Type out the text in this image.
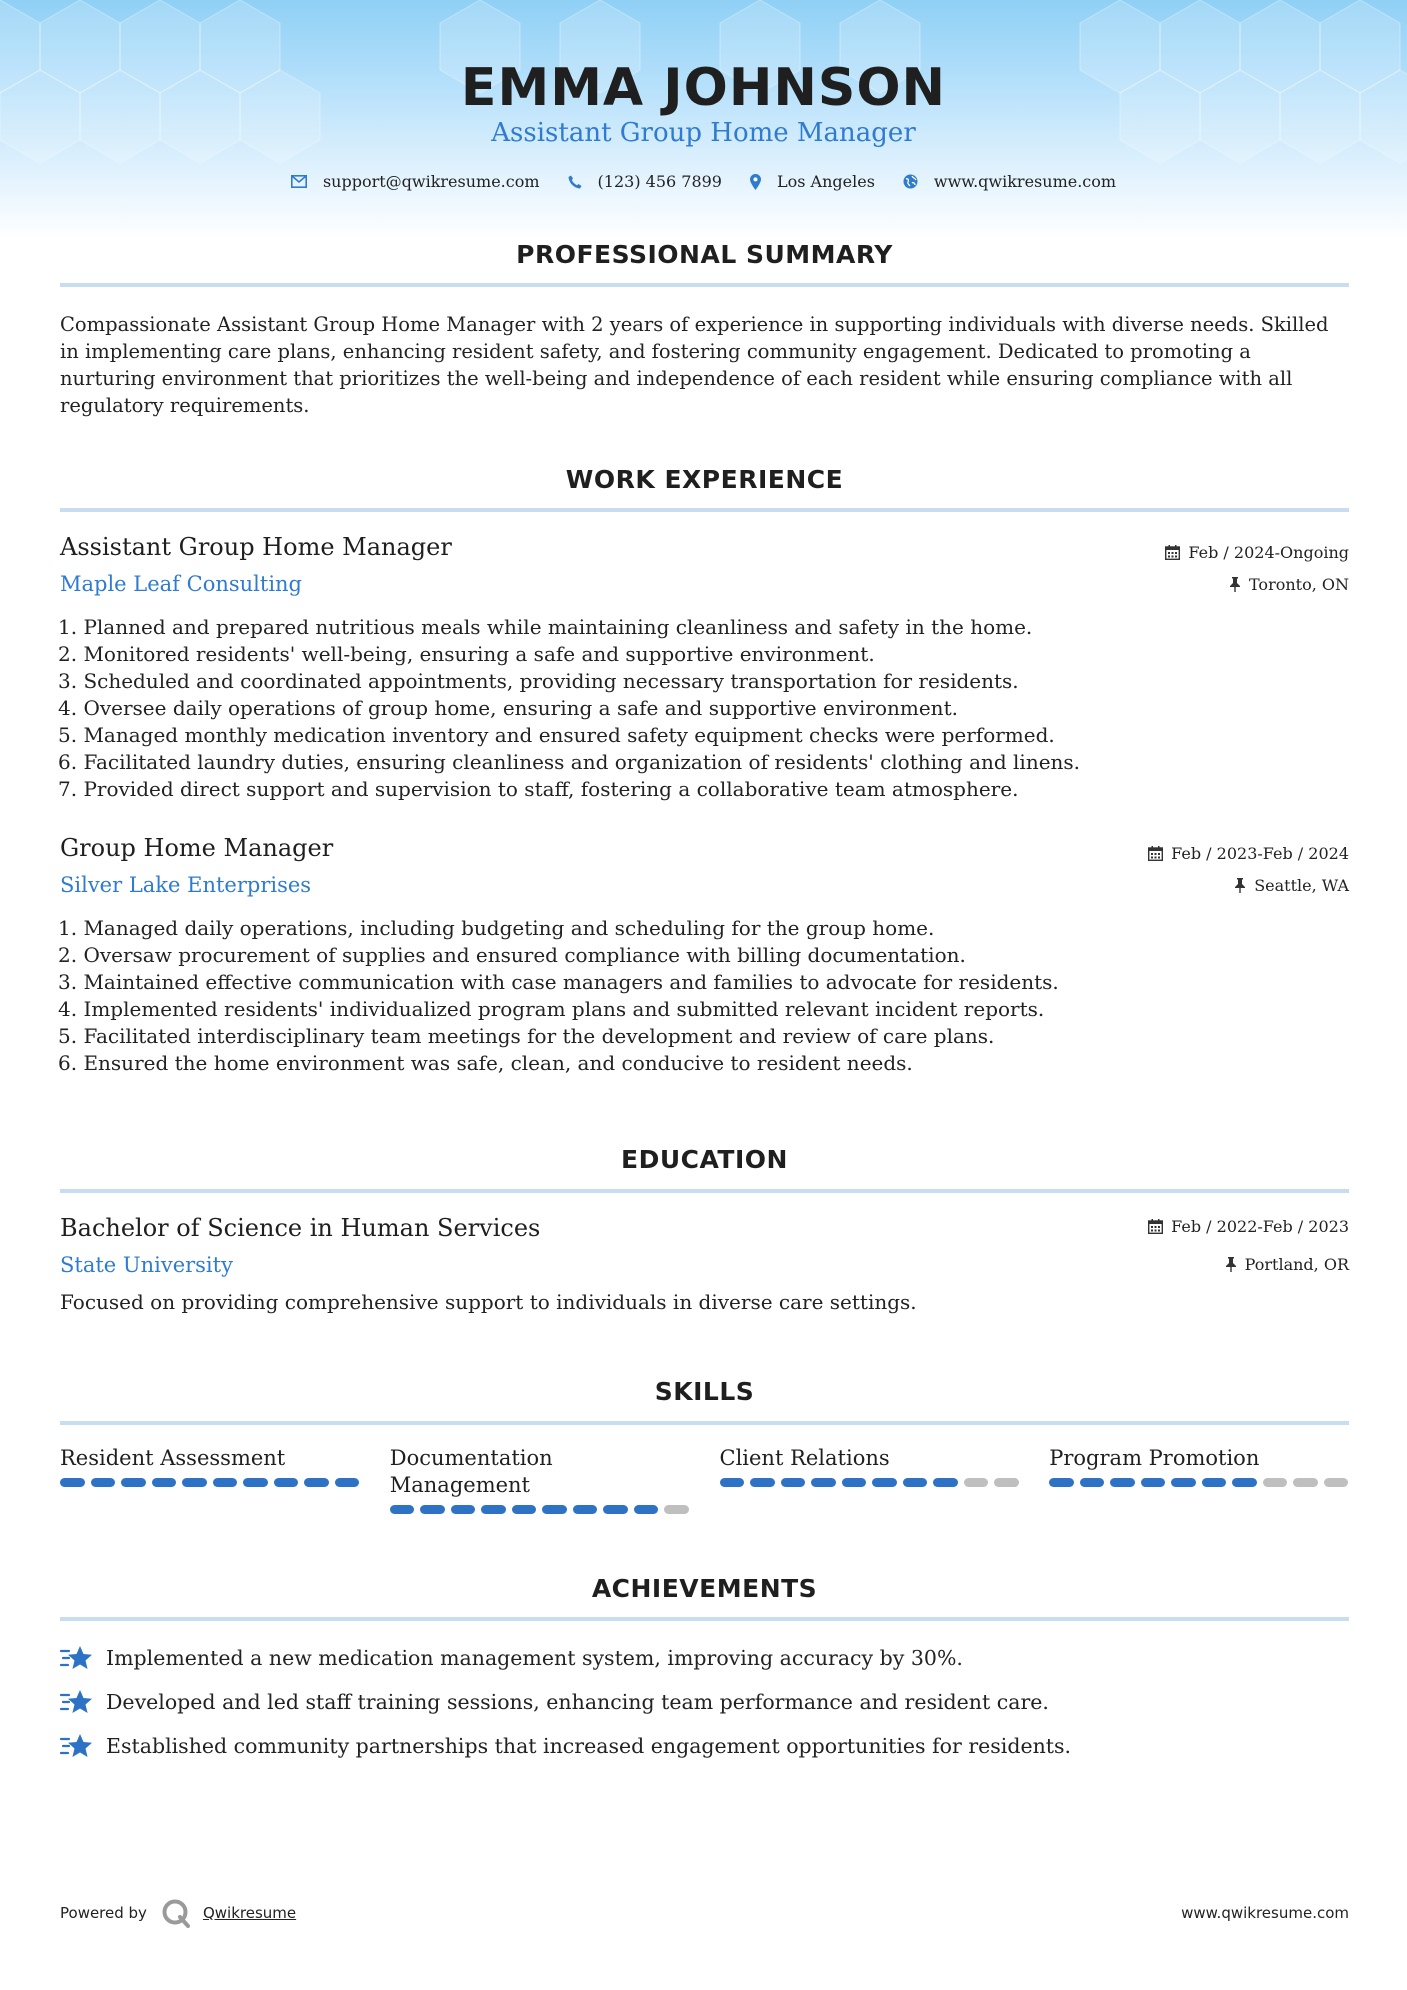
EMMA JOHNSON
Assistant Group Home Manager
support@qwikresume.com	(123) 456 7899	Los Angeles	www.qwikresume.com
PROFESSIONAL SUMMARY
Compassionate Assistant Group Home Manager with 2 years of experience in supporting individuals with diverse needs. Skilled in implementing care plans, enhancing resident safety, and fostering community engagement. Dedicated to promoting a nurturing environment that prioritizes the well-being and independence of each resident while ensuring compliance with all regulatory requirements.
WORK EXPERIENCE
Assistant Group Home Manager	Feb / 2024-Ongoing
Maple Leaf Consulting	Toronto, ON
1. Planned and prepared nutritious meals while maintaining cleanliness and safety in the home.
2. Monitored residents' well-being, ensuring a safe and supportive environment.
3. Scheduled and coordinated appointments, providing necessary transportation for residents.
4. Oversee daily operations of group home, ensuring a safe and supportive environment.
5. Managed monthly medication inventory and ensured safety equipment checks were performed.
6. Facilitated laundry duties, ensuring cleanliness and organization of residents' clothing and linens.
7. Provided direct support and supervision to staff, fostering a collaborative team atmosphere.
Group Home Manager	Feb / 2023-Feb / 2024
Silver Lake Enterprises	Seattle, WA
1. Managed daily operations, including budgeting and scheduling for the group home.
2. Oversaw procurement of supplies and ensured compliance with billing documentation.
3. Maintained effective communication with case managers and families to advocate for residents.
4. Implemented residents' individualized program plans and submitted relevant incident reports.
5. Facilitated interdisciplinary team meetings for the development and review of care plans.
6. Ensured the home environment was safe, clean, and conducive to resident needs.
EDUCATION
Bachelor of Science in Human Services	Feb / 2022-Feb / 2023
State University	Portland, OR
Focused on providing comprehensive support to individuals in diverse care settings.
SKILLS
Resident Assessment	Documentation Management
Client Relations	Program Promotion
ACHIEVEMENTS
Implemented a new medication management system, improving accuracy by 30%.
Developed and led staff training sessions, enhancing team performance and resident care.
Established community partnerships that increased engagement opportunities for residents.
Powered by	Qwikresume	www.qwikresume.com
